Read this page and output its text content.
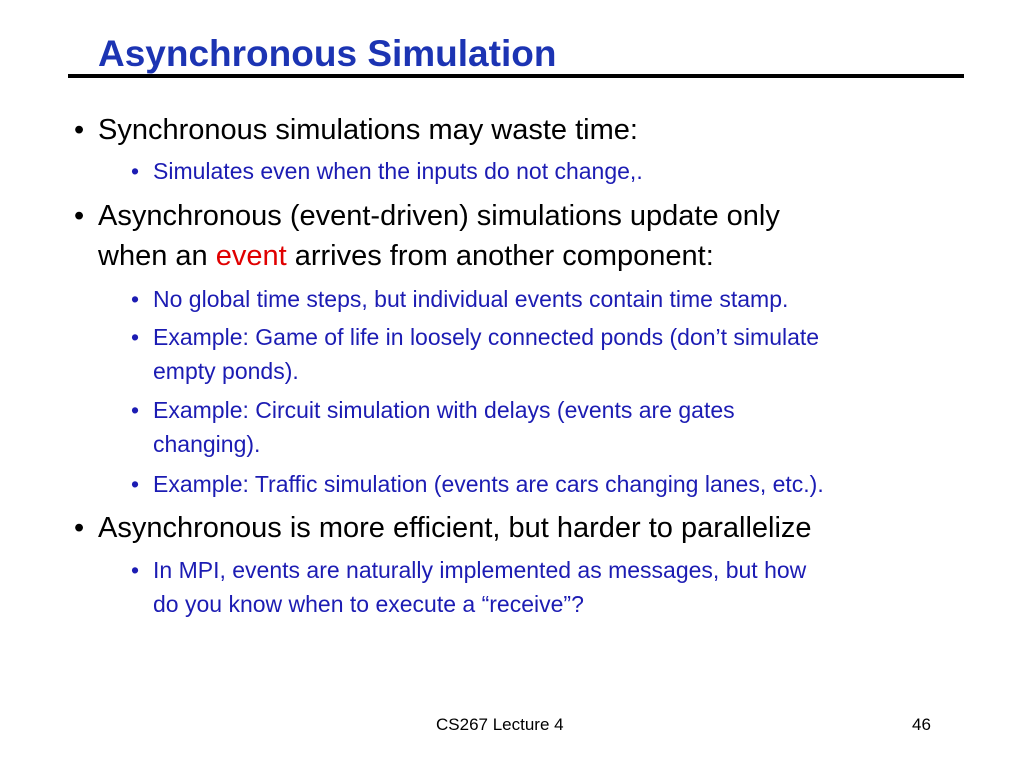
Asynchronous Simulation
• Synchronous simulations may waste time:
• Simulates even when the inputs do not change,.
• Asynchronous (event-driven) simulations update only
when an event arrives from another component:
• No global time steps, but individual events contain time stamp.
• Example: Game of life in loosely connected ponds (don’t simulate
empty ponds).
• Example: Circuit simulation with delays (events are gates
changing).
• Example: Traffic simulation (events are cars changing lanes, etc.).
• Asynchronous is more efficient, but harder to parallelize
• In MPI, events are naturally implemented as messages, but how
do you know when to execute a “receive”?
CS267 Lecture 4	46
